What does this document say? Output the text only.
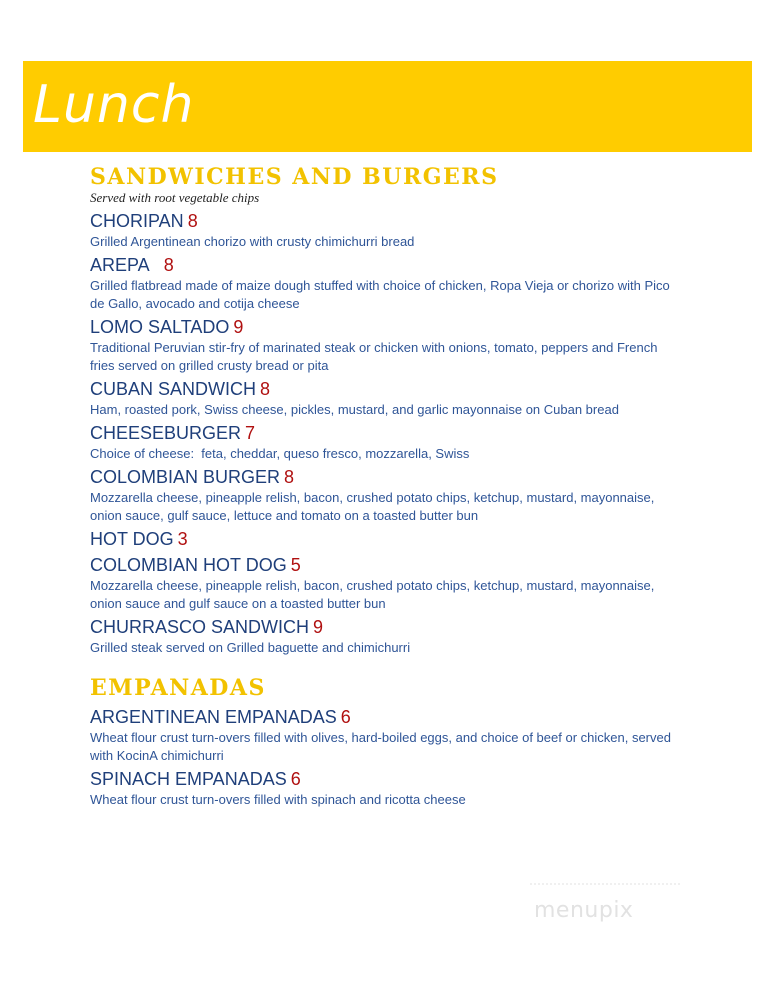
Lunch
SANDWICHES AND BURGERS
Served with root vegetable chips
CHORIPAN 8
Grilled Argentinean chorizo with crusty chimichurri bread
AREPA 8
Grilled flatbread made of maize dough stuffed with choice of chicken, Ropa Vieja or chorizo with Pico de Gallo, avocado and cotija cheese
LOMO SALTADO 9
Traditional Peruvian stir-fry of marinated steak or chicken with onions, tomato, peppers and French fries served on grilled crusty bread or pita
CUBAN SANDWICH 8
Ham, roasted pork, Swiss cheese, pickles, mustard, and garlic mayonnaise on Cuban bread
CHEESEBURGER 7
Choice of cheese:  feta, cheddar, queso fresco, mozzarella, Swiss
COLOMBIAN BURGER 8
Mozzarella cheese, pineapple relish, bacon, crushed potato chips, ketchup, mustard, mayonnaise, onion sauce, gulf sauce, lettuce and tomato on a toasted butter bun
HOT DOG 3
COLOMBIAN HOT DOG 5
Mozzarella cheese, pineapple relish, bacon, crushed potato chips, ketchup, mustard, mayonnaise, onion sauce and gulf sauce on a toasted butter bun
CHURRASCO SANDWICH 9
Grilled steak served on Grilled baguette and chimichurri
EMPANADAS
ARGENTINEAN EMPANADAS 6
Wheat flour crust turn-overs filled with olives, hard-boiled eggs, and choice of beef or chicken, served with KocinA chimichurri
SPINACH EMPANADAS 6
Wheat flour crust turn-overs filled with spinach and ricotta cheese
menupix
